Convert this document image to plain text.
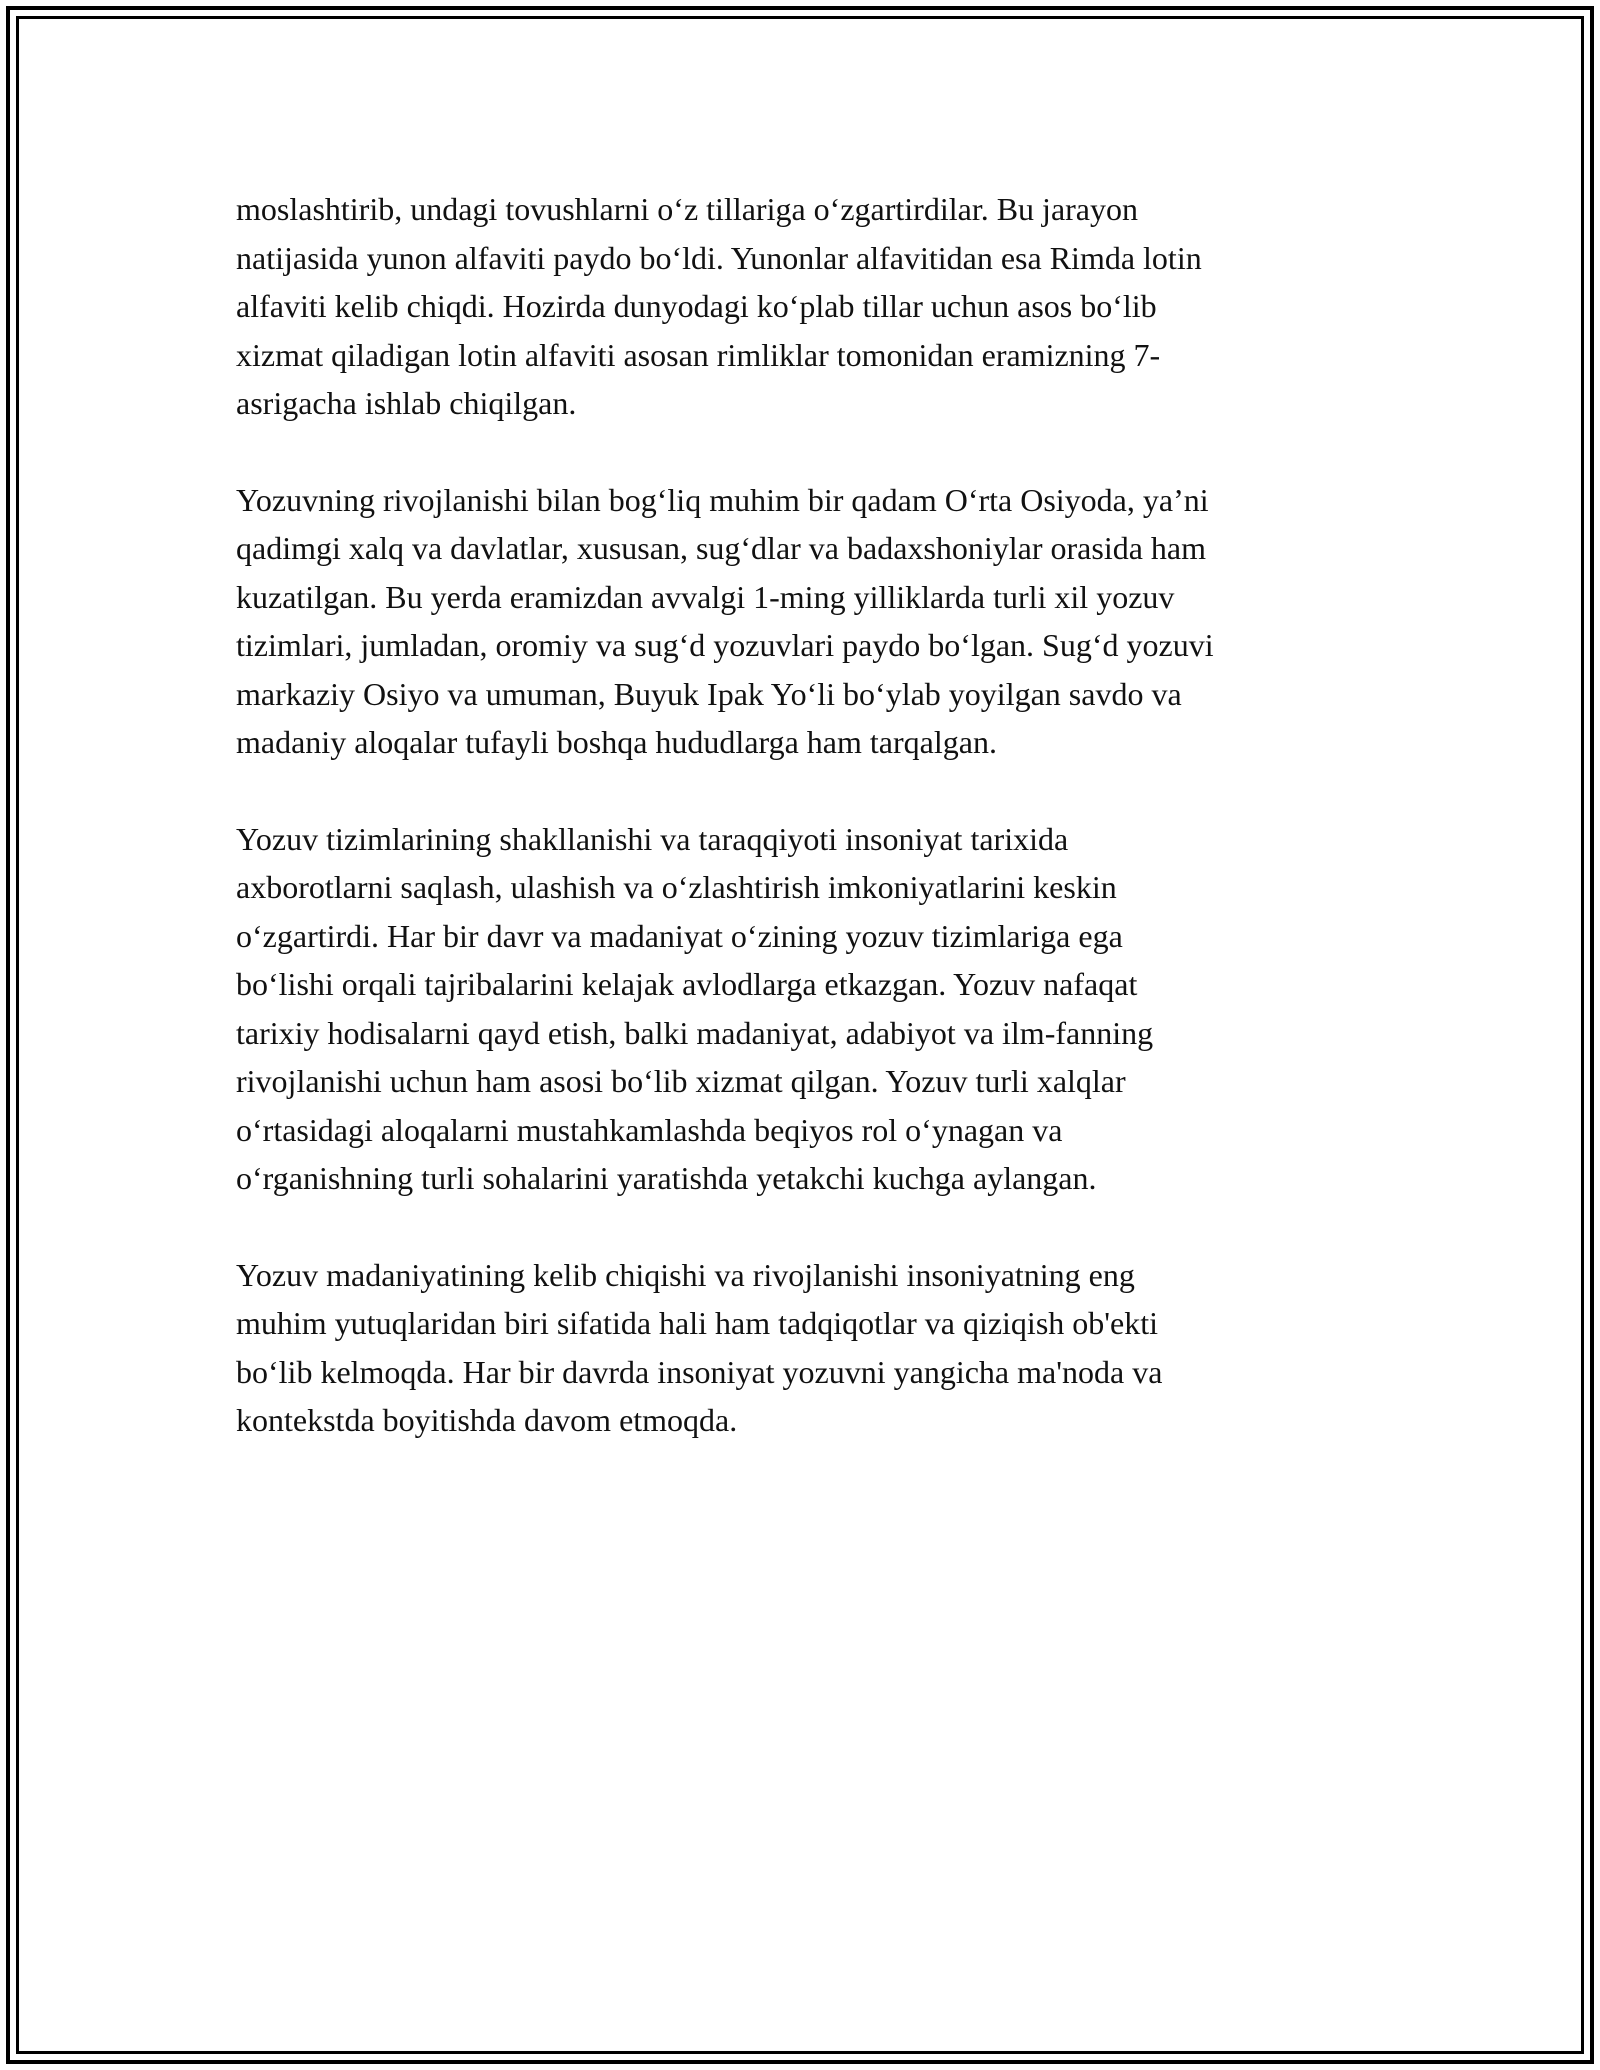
moslashtirib, undagi tovushlarni o‘z tillariga o‘zgartirdilar. Bu jarayon
natijasida yunon alfaviti paydo bo‘ldi. Yunonlar alfavitidan esa Rimda lotin
alfaviti kelib chiqdi. Hozirda dunyodagi ko‘plab tillar uchun asos bo‘lib
xizmat qiladigan lotin alfaviti asosan rimliklar tomonidan eramizning 7-
asrigacha ishlab chiqilgan.

Yozuvning rivojlanishi bilan bog‘liq muhim bir qadam O‘rta Osiyoda, ya’ni
qadimgi xalq va davlatlar, xususan, sug‘dlar va badaxshoniylar orasida ham
kuzatilgan. Bu yerda eramizdan avvalgi 1-ming yilliklarda turli xil yozuv
tizimlari, jumladan, oromiy va sug‘d yozuvlari paydo bo‘lgan. Sug‘d yozuvi
markaziy Osiyo va umuman, Buyuk Ipak Yo‘li bo‘ylab yoyilgan savdo va
madaniy aloqalar tufayli boshqa hududlarga ham tarqalgan.

Yozuv tizimlarining shakllanishi va taraqqiyoti insoniyat tarixida
axborotlarni saqlash, ulashish va o‘zlashtirish imkoniyatlarini keskin
o‘zgartirdi. Har bir davr va madaniyat o‘zining yozuv tizimlariga ega
bo‘lishi orqali tajribalarini kelajak avlodlarga etkazgan. Yozuv nafaqat
tarixiy hodisalarni qayd etish, balki madaniyat, adabiyot va ilm-fanning
rivojlanishi uchun ham asosi bo‘lib xizmat qilgan. Yozuv turli xalqlar
o‘rtasidagi aloqalarni mustahkamlashda beqiyos rol o‘ynagan va
o‘rganishning turli sohalarini yaratishda yetakchi kuchga aylangan.

Yozuv madaniyatining kelib chiqishi va rivojlanishi insoniyatning eng
muhim yutuqlaridan biri sifatida hali ham tadqiqotlar va qiziqish ob'ekti
bo‘lib kelmoqda. Har bir davrda insoniyat yozuvni yangicha ma'noda va
kontekstda boyitishda davom etmoqda.
